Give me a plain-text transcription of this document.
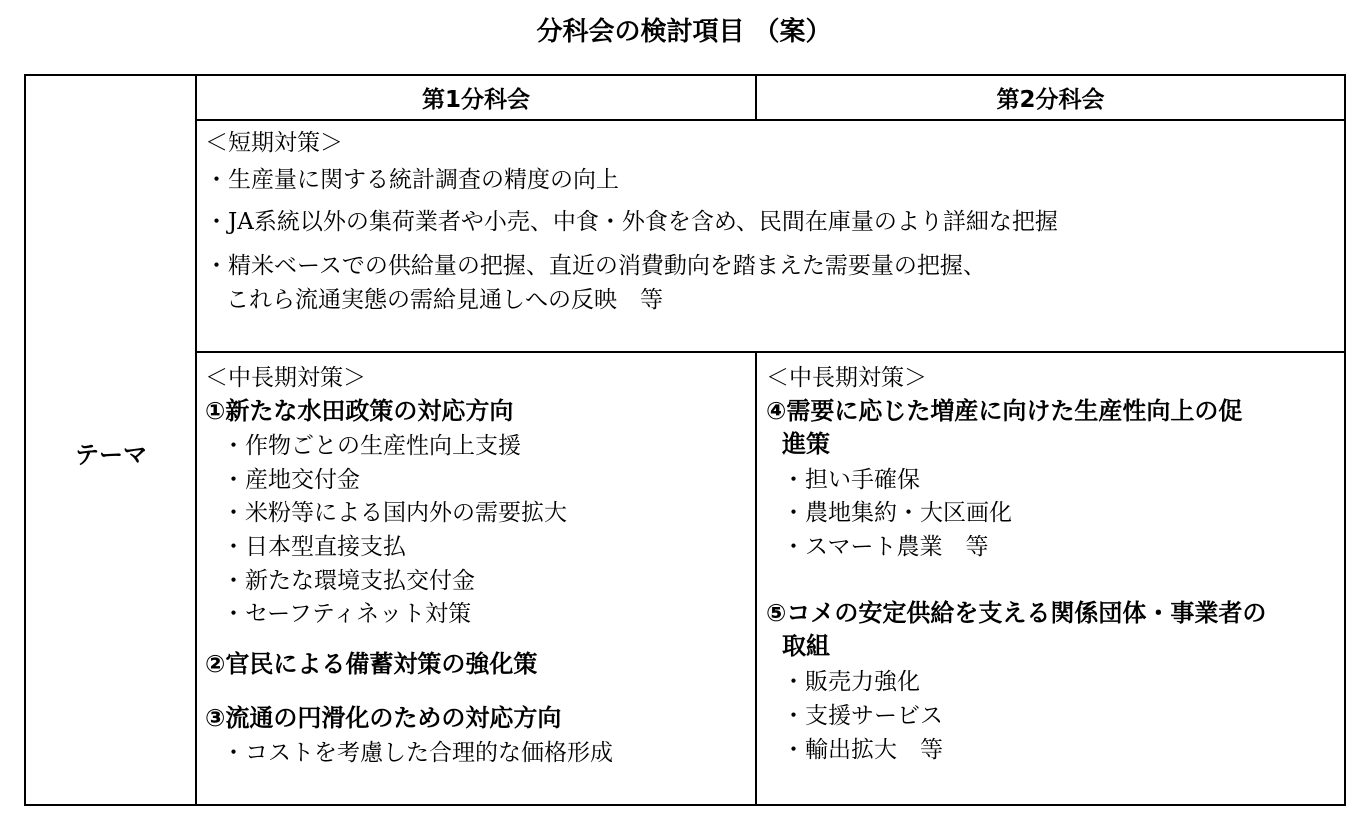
分科会の検討項目 （案）
テーマ
第1分科会	第2分科会
＜短期対策＞
・生産量に関する統計調査の精度の向上
・JA系統以外の集荷業者や小売、中食・外食を含め、民間在庫量のより詳細な把握
・精米ベースでの供給量の把握、直近の消費動向を踏まえた需要量の把握、
これら流通実態の需給見通しへの反映　等
＜中長期対策＞
①新たな水田政策の対応方向
・作物ごとの生産性向上支援
・産地交付金
・米粉等による国内外の需要拡大
・日本型直接支払
・新たな環境支払交付金
・セーフティネット対策
②官民による備蓄対策の強化策
③流通の円滑化のための対応方向
・コストを考慮した合理的な価格形成
＜中長期対策＞
④需要に応じた増産に向けた生産性向上の促
進策
・担い手確保
・農地集約・大区画化
・スマート農業　等
⑤コメの安定供給を支える関係団体・事業者の
取組
・販売力強化
・支援サービス
・輸出拡大　等
